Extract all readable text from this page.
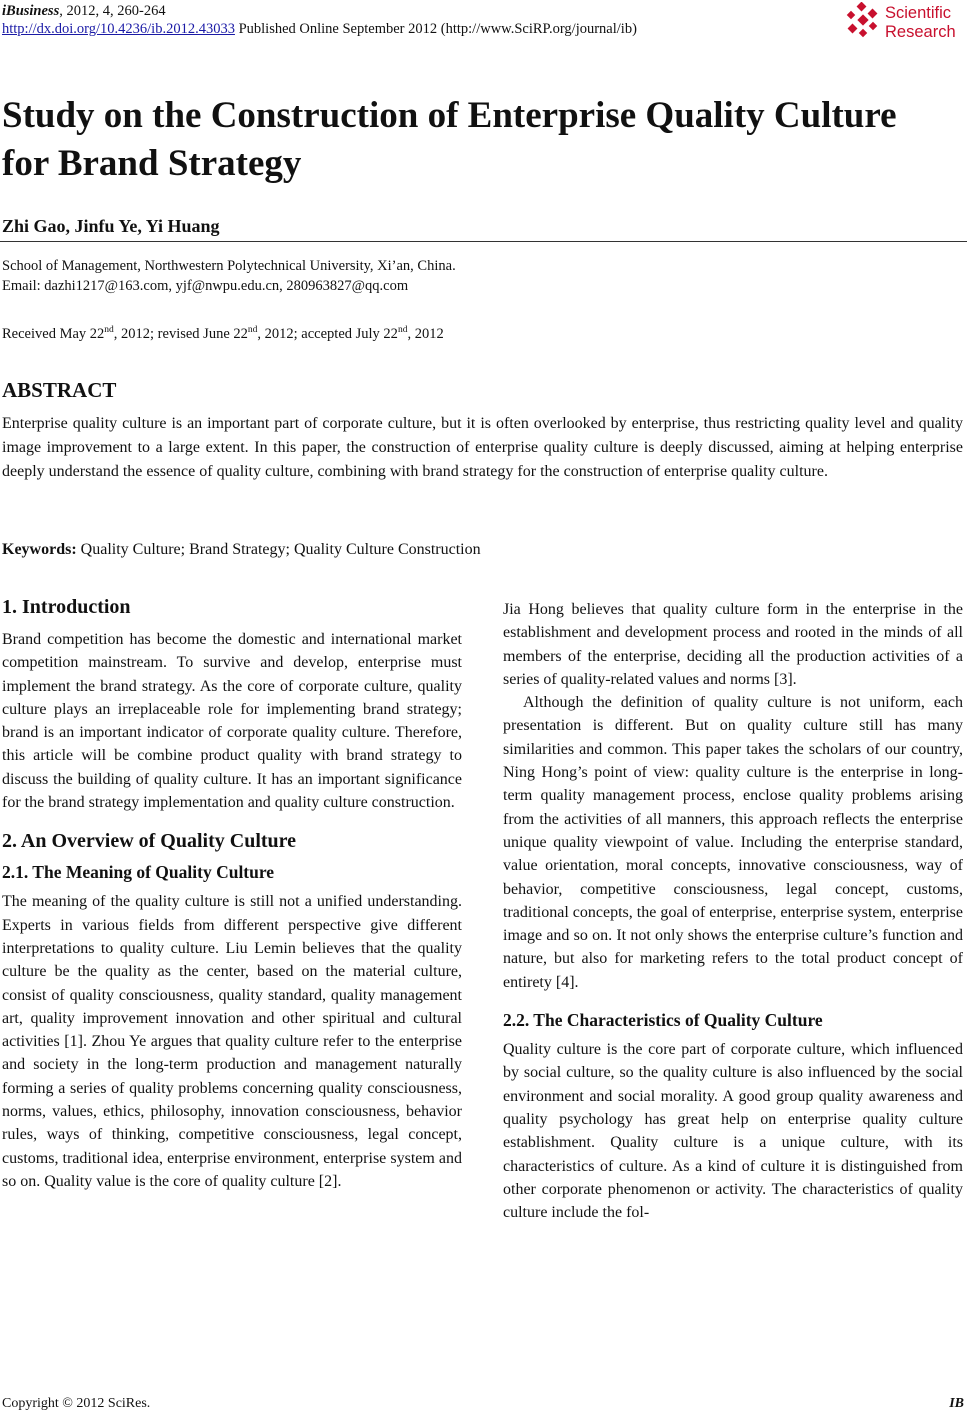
iBusiness, 2012, 4, 260-264
http://dx.doi.org/10.4236/ib.2012.43033 Published Online September 2012 (http://www.SciRP.org/journal/ib)
Scientific
Research
Study on the Construction of Enterprise Quality Culture for Brand Strategy
Zhi Gao, Jinfu Ye, Yi Huang
School of Management, Northwestern Polytechnical University, Xi’an, China.
Email: dazhi1217@163.com, yjf@nwpu.edu.cn, 280963827@qq.com
Received May 22nd, 2012; revised June 22nd, 2012; accepted July 22nd, 2012
ABSTRACT
Enterprise quality culture is an important part of corporate culture, but it is often overlooked by enterprise, thus restricting quality level and quality image improvement to a large extent. In this paper, the construction of enterprise quality culture is deeply discussed, aiming at helping enterprise deeply understand the essence of quality culture, combining with brand strategy for the construction of enterprise quality culture.
Keywords: Quality Culture; Brand Strategy; Quality Culture Construction
1. Introduction

Brand competition has become the domestic and international market competition mainstream. To survive and develop, enterprise must implement the brand strategy. As the core of corporate culture, quality culture plays an irreplaceable role for implementing brand strategy; brand is an important indicator of corporate quality culture. Therefore, this article will be combine product quality with brand strategy to discuss the building of quality culture. It has an important significance for the brand strategy implementation and quality culture construction.

2. An Overview of Quality Culture
2.1. The Meaning of Quality Culture

The meaning of the quality culture is still not a unified understanding. Experts in various fields from different perspective give different interpretations to quality culture. Liu Lemin believes that the quality culture be the quality as the center, based on the material culture, consist of quality consciousness, quality standard, quality management art, quality improvement innovation and other spiritual and cultural activities [1]. Zhou Ye argues that quality culture refer to the enterprise and society in the long-term production and management naturally forming a series of quality problems concerning quality consciousness, norms, values, ethics, philosophy, innovation consciousness, behavior rules, ways of thinking, competitive consciousness, legal concept, customs, traditional idea, enterprise environment, enterprise system and so on. Quality value is the core of quality culture [2].

Jia Hong believes that quality culture form in the enterprise in the establishment and development process and rooted in the minds of all members of the enterprise, deciding all the production activities of a series of quality-related values and norms [3].

Although the definition of quality culture is not uniform, each presentation is different. But on quality culture still has many similarities and common. This paper takes the scholars of our country, Ning Hong’s point of view: quality culture is the enterprise in long-term quality management process, enclose quality problems arising from the activities of all manners, this approach reflects the enterprise unique quality viewpoint of value. Including the enterprise standard, value orientation, moral concepts, innovative consciousness, way of behavior, competitive consciousness, legal concept, customs, traditional concepts, the goal of enterprise, enterprise system, enterprise image and so on. It not only shows the enterprise culture’s function and nature, but also for marketing refers to the total product concept of entirety [4].

2.2. The Characteristics of Quality Culture

Quality culture is the core part of corporate culture, which influenced by social culture, so the quality culture is also influenced by the social environment and social morality. A good group quality awareness and quality psychology has great help on enterprise quality culture establishment. Quality culture is a unique culture, with its characteristics of culture. As a kind of culture it is distinguished from other corporate phenomenon or activity. The characteristics of quality culture include the fol-

Copyright © 2012 SciRes.	IB
